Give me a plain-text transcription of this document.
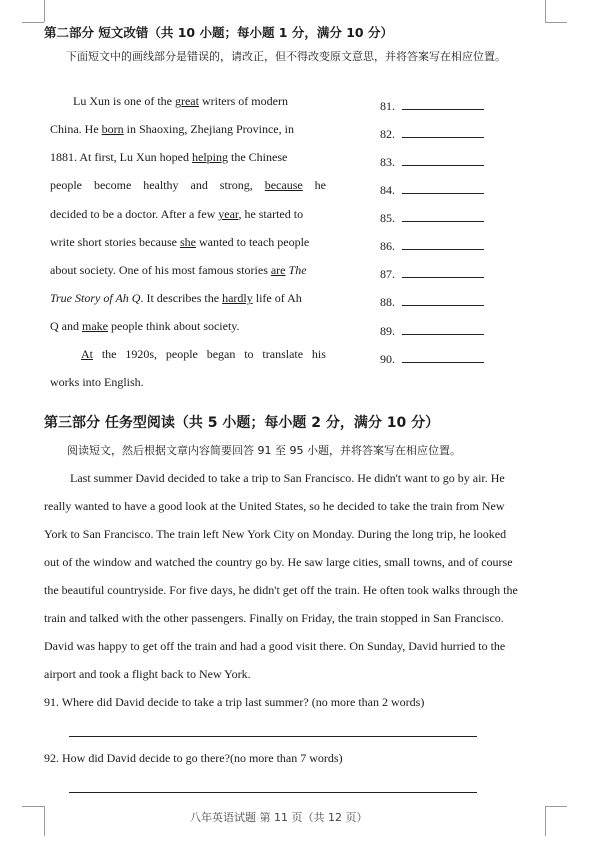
第二部分 短文改错（共 10 小题；每小题 1 分，满分 10 分）
下面短文中的画线部分是错误的，请改正，但不得改变原文意思，并将答案写在相应位置。
Lu Xun is one of the great writers of modern
China. He born in Shaoxing, Zhejiang Province, in
1881. At first, Lu Xun hoped helping the Chinese
people become healthy and strong, because he
decided to be a doctor. After a few year, he started to
write short stories because she wanted to teach people
about society. One of his most famous stories are The
True Story of Ah Q. It describes the hardly life of Ah
Q and make people think about society.
At the 1920s, people began to translate his
works into English.
81.
82.
83.
84.
85.
86.
87.
88.
89.
90.
第三部分 任务型阅读（共 5 小题；每小题 2 分，满分 10 分）
阅读短文，然后根据文章内容简要回答 91 至 95 小题，并将答案写在相应位置。
Last summer David decided to take a trip to San Francisco. He didn't want to go by air. He
really wanted to have a good look at the United States, so he decided to take the train from New
York to San Francisco. The train left New York City on Monday. During the long trip, he looked
out of the window and watched the country go by. He saw large cities, small towns, and of course
the beautiful countryside. For five days, he didn't get off the train. He often took walks through the
train and talked with the other passengers. Finally on Friday, the train stopped in San Francisco.
David was happy to get off the train and had a good visit there. On Sunday, David hurried to the
airport and took a flight back to New York.
91. Where did David decide to take a trip last summer? (no more than 2 words)
92. How did David decide to go there?(no more than 7 words)
八年英语试题 第 11 页（共 12 页）
